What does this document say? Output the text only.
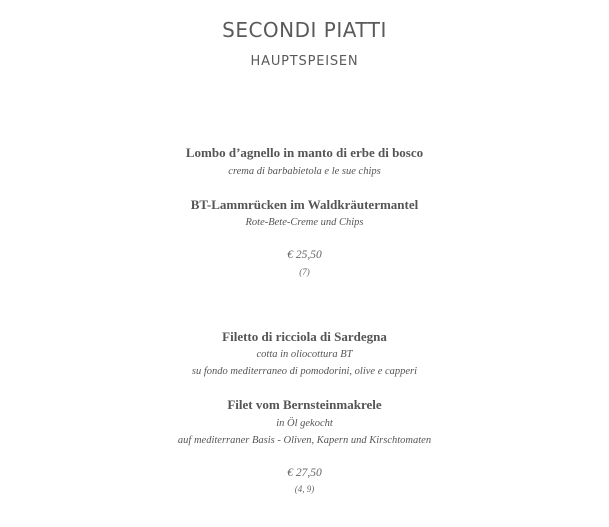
SECONDI PIATTI
HAUPTSPEISEN
Lombo d’agnello in manto di erbe di bosco
crema di barbabietola e le sue chips
BT-Lammrücken im Waldkräutermantel
Rote-Bete-Creme und Chips
€ 25,50
(7)
Filetto di ricciola di Sardegna
cotta in oliocottura BT
su fondo mediterraneo di pomodorini, olive e capperi
Filet vom Bernsteinmakrele
in Öl gekocht
auf mediterraner Basis - Oliven, Kapern und Kirschtomaten
€ 27,50
(4, 9)
